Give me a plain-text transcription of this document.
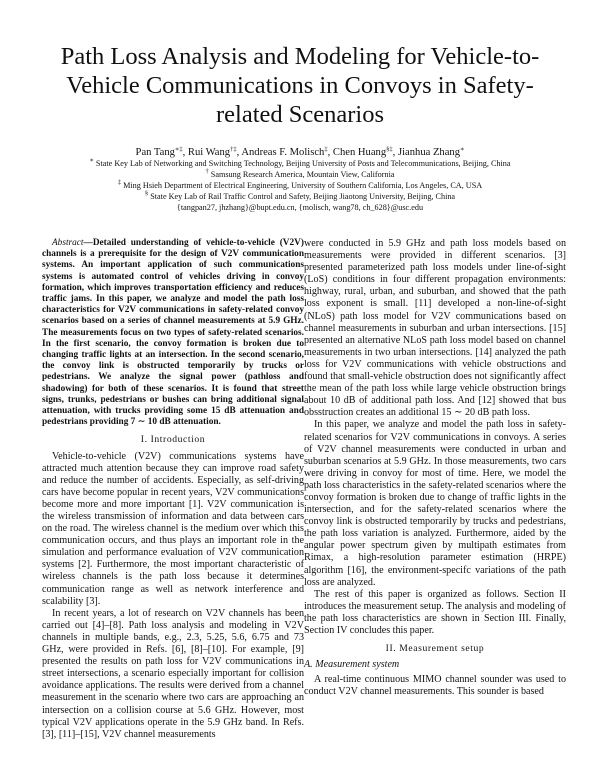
Path Loss Analysis and Modeling for Vehicle-to-Vehicle Communications in Convoys in Safety-related Scenarios
Pan Tang∗‡, Rui Wang†‡, Andreas F. Molisch‡, Chen Huang§‡, Jianhua Zhang∗
∗ State Key Lab of Networking and Switching Technology, Beijing University of Posts and Telecommunications, Beijing, China
† Samsung Research America, Mountain View, California
‡ Ming Hsieh Department of Electrical Engineering, University of Southern California, Los Angeles, CA, USA
§ State Key Lab of Rail Traffic Control and Safety, Beijing Jiaotong University, Beijing, China
{tangpan27, jhzhang}@bupt.edu.cn, {molisch, wang78, ch_628}@usc.edu

Abstract—Detailed understanding of vehicle-to-vehicle (V2V) channels is a prerequisite for the design of V2V communication systems. An important application of such communications systems is automated control of vehicles driving in convoy formation, which improves transportation efficiency and reduces traffic jams. In this paper, we analyze and model the path loss characteristics for V2V communications in safety-related convoy scenarios based on a series of channel measurements at 5.9 GHz. The measurements focus on two types of safety-related scenarios. In the first scenario, the convoy formation is broken due to changing traffic lights at an intersection. In the second scenario, the convoy link is obstructed temporarily by trucks or pedestrians. We analyze the signal power (pathloss and shadowing) for both of these scenarios. It is found that street signs, trunks, pedestrians or bushes can bring additional signal attenuation, with trucks providing some 15 dB attenuation and pedestrians providing 7 ∼ 10 dB attenuation.

I. Introduction

Vehicle-to-vehicle (V2V) communications systems have attracted much attention because they can improve road safety and reduce the number of accidents. Especially, as self-driving cars have become popular in recent years, V2V communications become more and more important [1]. V2V communication is the wireless transmission of information and data between cars on the road. The wireless channel is the medium over which this communication occurs, and thus plays an important role in the simulation and performance evaluation of V2V communication systems [2]. Furthermore, the most important characteristic of wireless channels is the path loss because it determines communication range as well as network interference and scalability [3].

In recent years, a lot of research on V2V channels has been carried out [4]–[8]. Path loss analysis and modeling in V2V channels in multiple bands, e.g., 2.3, 5.25, 5.6, 6.75 and 73 GHz, were provided in Refs. [6], [8]–[10]. For example, [9] presented the results on path loss for V2V communications in street intersections, a scenario especially important for collision avoidance applications. The results were derived from a channel measurement in the scenario where two cars are approaching an intersection on a collision course at 5.6 GHz. However, most typical V2V applications operate in the 5.9 GHz band. In Refs. [3], [11]–[15], V2V channel measurements

were conducted in 5.9 GHz and path loss models based on measurements were provided in different scenarios. [3] presented parameterized path loss models under line-of-sight (LoS) conditions in four different propagation environments: highway, rural, urban, and suburban, and showed that the path loss exponent is small. [11] developed a non-line-of-sight (NLoS) path loss model for V2V communications based on channel measurements in suburban and urban intersections. [15] presented an alternative NLoS path loss model based on channel measurements in two urban intersections. [14] analyzed the path loss for V2V communications with vehicle obstructions and found that small-vehicle obstruction does not significantly affect the mean of the path loss while large vehicle obstruction brings about 10 dB of additional path loss. And [12] showed that bus obsstruction creates an additional 15 ∼ 20 dB path loss.

In this paper, we analyze and model the path loss in safety-related scenarios for V2V communications in convoys. A series of V2V channel measurements were conducted in urban and suburban scenarios at 5.9 GHz. In those measurements, two cars were driving in convoy for most of time. Here, we model the path loss characteristics in the safety-related scenarios where the convoy formation is broken due to change of traffic lights in the intersection, and for the safety-related scenarios where the convoy link is obstructed temporarily by trucks and pedestrians, the path loss variation is analyzed. Furthermore, aided by the angular power spectrum given by multipath estimates from Rimax, a high-resolution parameter estimation (HRPE) algorithm [16], the environment-specifc variations of the path loss are analyzed.

The rest of this paper is organized as follows. Section II introduces the measurement setup. The analysis and modeling of the path loss characteristics are shown in Section III. Finally, Section IV concludes this paper.

II. Measurement setup
A. Measurement system

A real-time continuous MIMO channel sounder was used to conduct V2V channel measurements. This sounder is based
